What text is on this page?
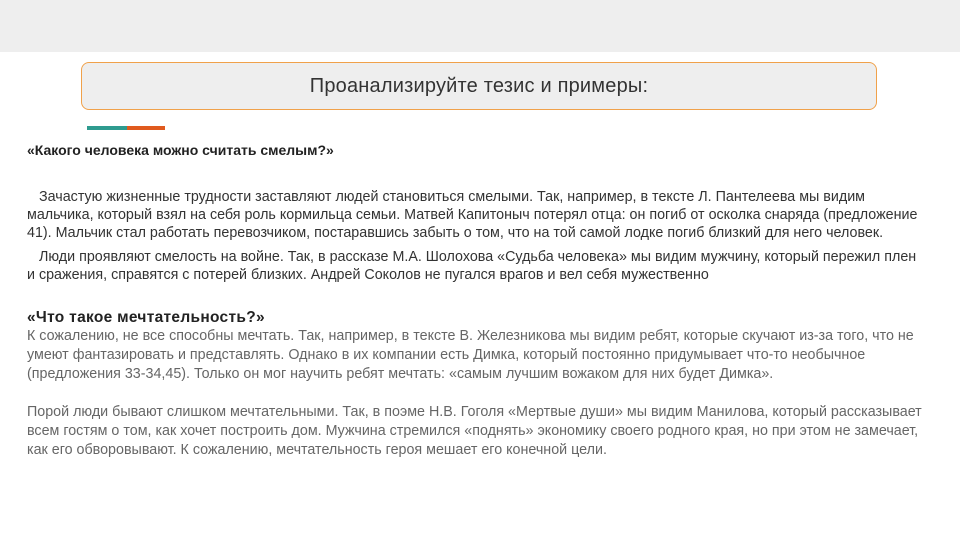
Проанализируйте тезис и примеры:

«Какого человека можно считать смелым?»

Зачастую жизненные трудности заставляют людей становиться смелыми. Так, например, в тексте Л. Пантелеева мы видим мальчика, который взял на себя роль кормильца семьи. Матвей Капитоныч потерял отца: он погиб от осколка снаряда (предложение 41). Мальчик стал работать перевозчиком, постаравшись забыть о том, что на той самой лодке погиб близкий для него человек.

Люди проявляют смелость на войне. Так, в рассказе М.А. Шолохова «Судьба человека» мы видим мужчину, который пережил плен и сражения, справятся с потерей близких. Андрей Соколов не пугался врагов и вел себя мужественно

«Что такое мечтательность?»

К сожалению, не все способны мечтать. Так, например, в тексте В. Железникова мы видим ребят, которые скучают из-за того, что не умеют фантазировать и представлять. Однако в их компании есть Димка, который постоянно придумывает что-то необычное (предложения 33-34,45). Только он мог научить ребят мечтать: «самым лучшим вожаком для них будет Димка».

Порой люди бывают слишком мечтательными. Так, в поэме Н.В. Гоголя «Мертвые души» мы видим Манилова, который рассказывает всем гостям о том, как хочет построить дом. Мужчина стремился «поднять» экономику своего родного края, но при этом не замечает, как его обворовывают. К сожалению, мечтательность героя мешает его конечной цели.
